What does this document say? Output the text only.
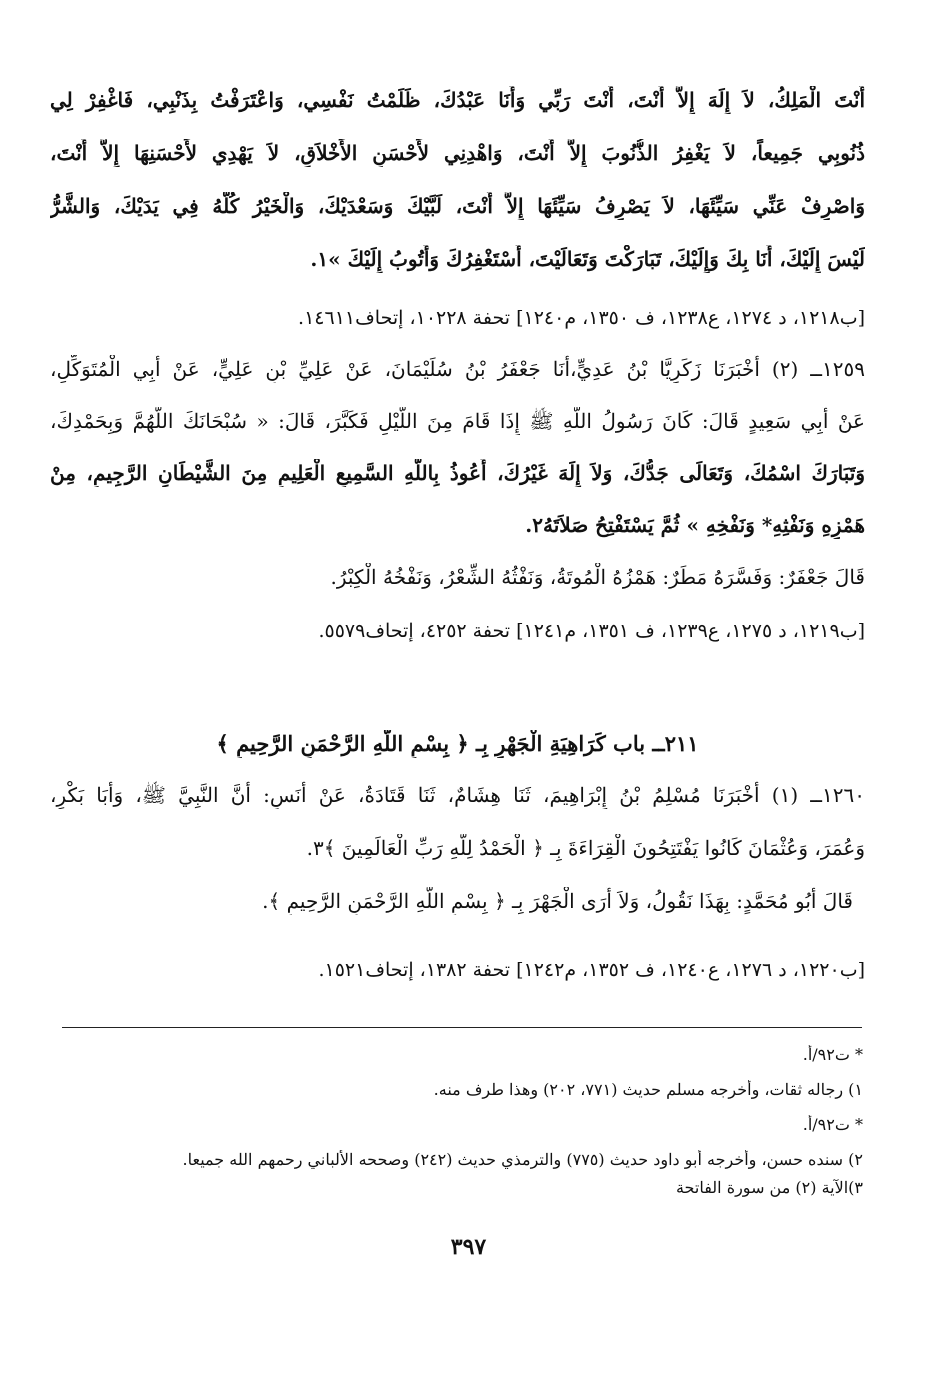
أَنْتَ الْمَلِكُ، لاَ إِلَهَ إِلاَّ أَنْتَ، أَنْتَ رَبِّي وَأَنَا عَبْدُكَ، ظَلَمْتُ نَفْسِي، وَاعْتَرَفْتُ بِذَنْبِي، فَاغْفِرْ لِي
ذُنُوبِي جَمِيعاً، لاَ يَغْفِرُ الذُّنُوبَ إِلاَّ أَنْتَ، وَاهْدِنِي لأَحْسَنِ الأَخْلاَقِ، لاَ يَهْدِي لأَحْسَنِهَا إِلاَّ أَنْتَ،
وَاصْرِفْ عَنِّي سَيِّئَهَا، لاَ يَصْرِفُ سَيِّئَهَا إِلاَّ أَنْتَ، لَبَّيْكَ وَسَعْدَيْكَ، وَالْخَيْرُ كُلُّهُ فِي يَدَيْكَ، وَالشَّرُّ
لَيْسَ إِلَيْكَ، أَنَا بِكَ وَإِلَيْكَ، تَبَارَكْتَ وَتَعَالَيْتَ، أَسْتَغْفِرُكَ وَأَتُوبُ إِلَيْكَ »١.
[ب١٢١٨، د ١٢٧٤، ع١٢٣٨، ف ١٣٥٠، م١٢٤٠] تحفة ١٠٢٢٨، إتحاف١٤٦١١.
١٢٥٩ــ (٢) أَخْبَرَنَا زَكَرِيَّا بْنُ عَدِيٍّ،أَنَا جَعْفَرُ بْنُ سُلَيْمَانَ، عَنْ عَلِيِّ بْنِ عَلِيٍّ، عَنْ أَبِي الْمُتَوَكِّلِ،
عَنْ أَبِي سَعِيدٍ قَالَ: كَانَ رَسُولُ اللَّهِ ﷺ إِذَا قَامَ مِنَ اللَّيْلِ فَكَبَّرَ، قَالَ: « سُبْحَانَكَ اللَّهُمَّ وَبِحَمْدِكَ،
وَتَبَارَكَ اسْمُكَ، وَتَعَالَى جَدُّكَ، وَلاَ إِلَهَ غَيْرُكَ، أَعُوذُ بِاللَّهِ السَّمِيعِ الْعَلِيمِ مِنَ الشَّيْطَانِ الرَّجِيمِ، مِنْ
هَمْزِهِ وَنَفْثِهِ* وَنَفْخِهِ » ثُمَّ يَسْتَفْتِحُ صَلاَتَهُ٢.
قَالَ جَعْفَرٌ: وَفَسَّرَهُ مَطَرٌ: هَمْزُهُ الْمُوتَةُ، وَنَفْثُهُ الشِّعْرُ، وَنَفْخُهُ الْكِبْرُ.
[ب١٢١٩، د ١٢٧٥، ع١٢٣٩، ف ١٣٥١، م١٢٤١] تحفة ٤٢٥٢، إتحاف٥٥٧٩.
٢١١ــ باب كَرَاهِيَةِ الْجَهْرِ بِـ ﴿ بِسْمِ اللَّهِ الرَّحْمَنِ الرَّحِيمِ ﴾
١٢٦٠ــ (١) أَخْبَرَنَا مُسْلِمُ بْنُ إِبْرَاهِيمَ، ثَنَا هِشَامٌ، ثَنَا قَتَادَةُ، عَنْ أَنَسٍ: أَنَّ النَّبِيَّ ﷺ، وَأَبَا بَكْرٍ،
وَعُمَرَ، وَعُثْمَانَ كَانُوا يَفْتَتِحُونَ الْقِرَاءَةَ بِـ ﴿ الْحَمْدُ لِلَّهِ رَبِّ الْعَالَمِينَ ﴾٣.
قَالَ أَبُو مُحَمَّدٍ: بِهَذَا نَقُولُ، وَلاَ أَرَى الْجَهْرَ بِـ ﴿ بِسْمِ اللَّهِ الرَّحْمَنِ الرَّحِيمِ ﴾.
[ب١٢٢٠، د ١٢٧٦، ع١٢٤٠، ف ١٣٥٢، م١٢٤٢] تحفة ١٣٨٢، إتحاف١٥٢١.
* ت٩٢/أ.
١) رجاله ثقات، وأخرجه مسلم حديث (٧٧١، ٢٠٢) وهذا طرف منه.
* ت٩٢/أ.
٢) سنده حسن، وأخرجه أبو داود حديث (٧٧٥) والترمذي حديث (٢٤٢) وصححه الألباني رحمهم الله جميعا.
٣)الآية (٢) من سورة الفاتحة
٣٩٧
